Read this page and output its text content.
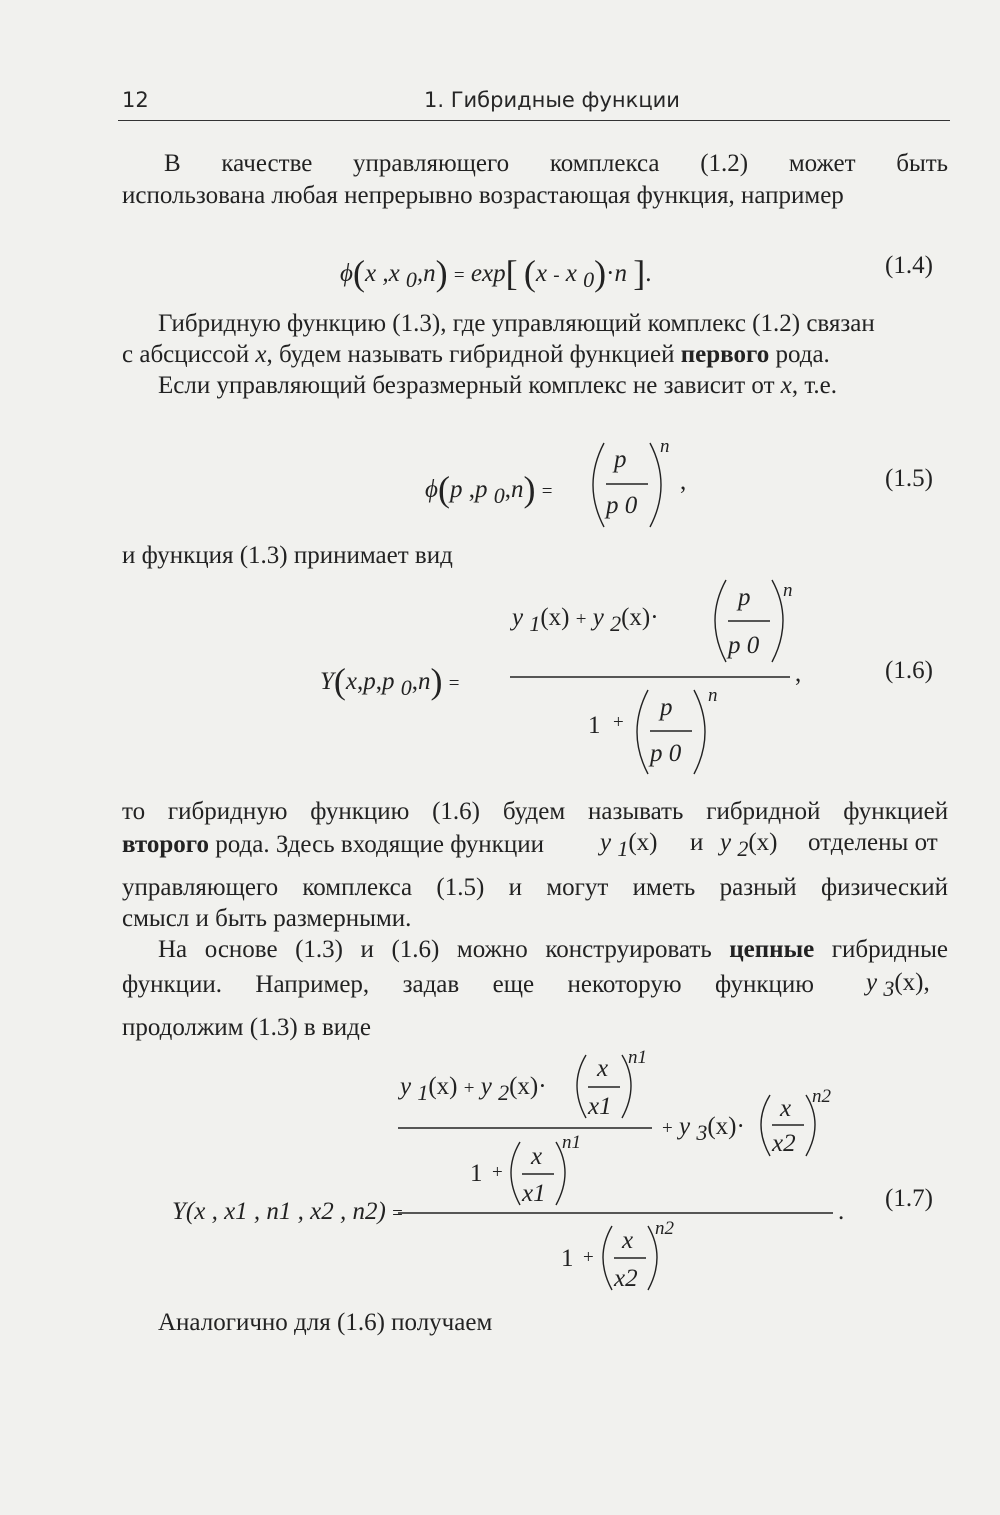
12	1. Гибридные функции
В качестве управляющего комплекса (1.2) может быть
использована любая непрерывно возрастающая функция, например
ϕ(x ,x $_0$,n) = exp[ (x - x $_0$)·n ].	(1.4)
Гибридную функцию (1.3), где управляющий комплекс (1.2) связан
с абсциссой x, будем называть гибридной функцией первого рода.
Если управляющий безразмерный комплекс не зависит от x, т.е.
ϕ(p ,p $_0$,n) =
p
p 0
n
,	(1.5)
и функция (1.3) принимает вид
Y(x,p,p $_0$,n) =
y $_1$(x) + y $_2$(x)·
p
p 0
n
,
1 +
p
p 0
n
(1.6)
то гибридную функцию (1.6) будем называть гибридной функцией
второго рода. Здесь входящие функции y $_1$(x) и y $_2$(x) отделены от
управляющего комплекса (1.5) и могут иметь разный физический
смысл и быть размерными.
На основе (1.3) и (1.6) можно конструировать цепные гибридные
функции. Например, задав еще некоторую функцию y $_3$(x),
продолжим (1.3) в виде
y $_1$(x) + y $_2$(x)·
x
x1
n1
+ y $_3$(x)·
x
x2
n2
1 +
x
x1
n1
Y(x , x1 , n1 , x2 , n2) =	. (1.7)
1 +
x
x2
n2
Аналогично для (1.6) получаем
